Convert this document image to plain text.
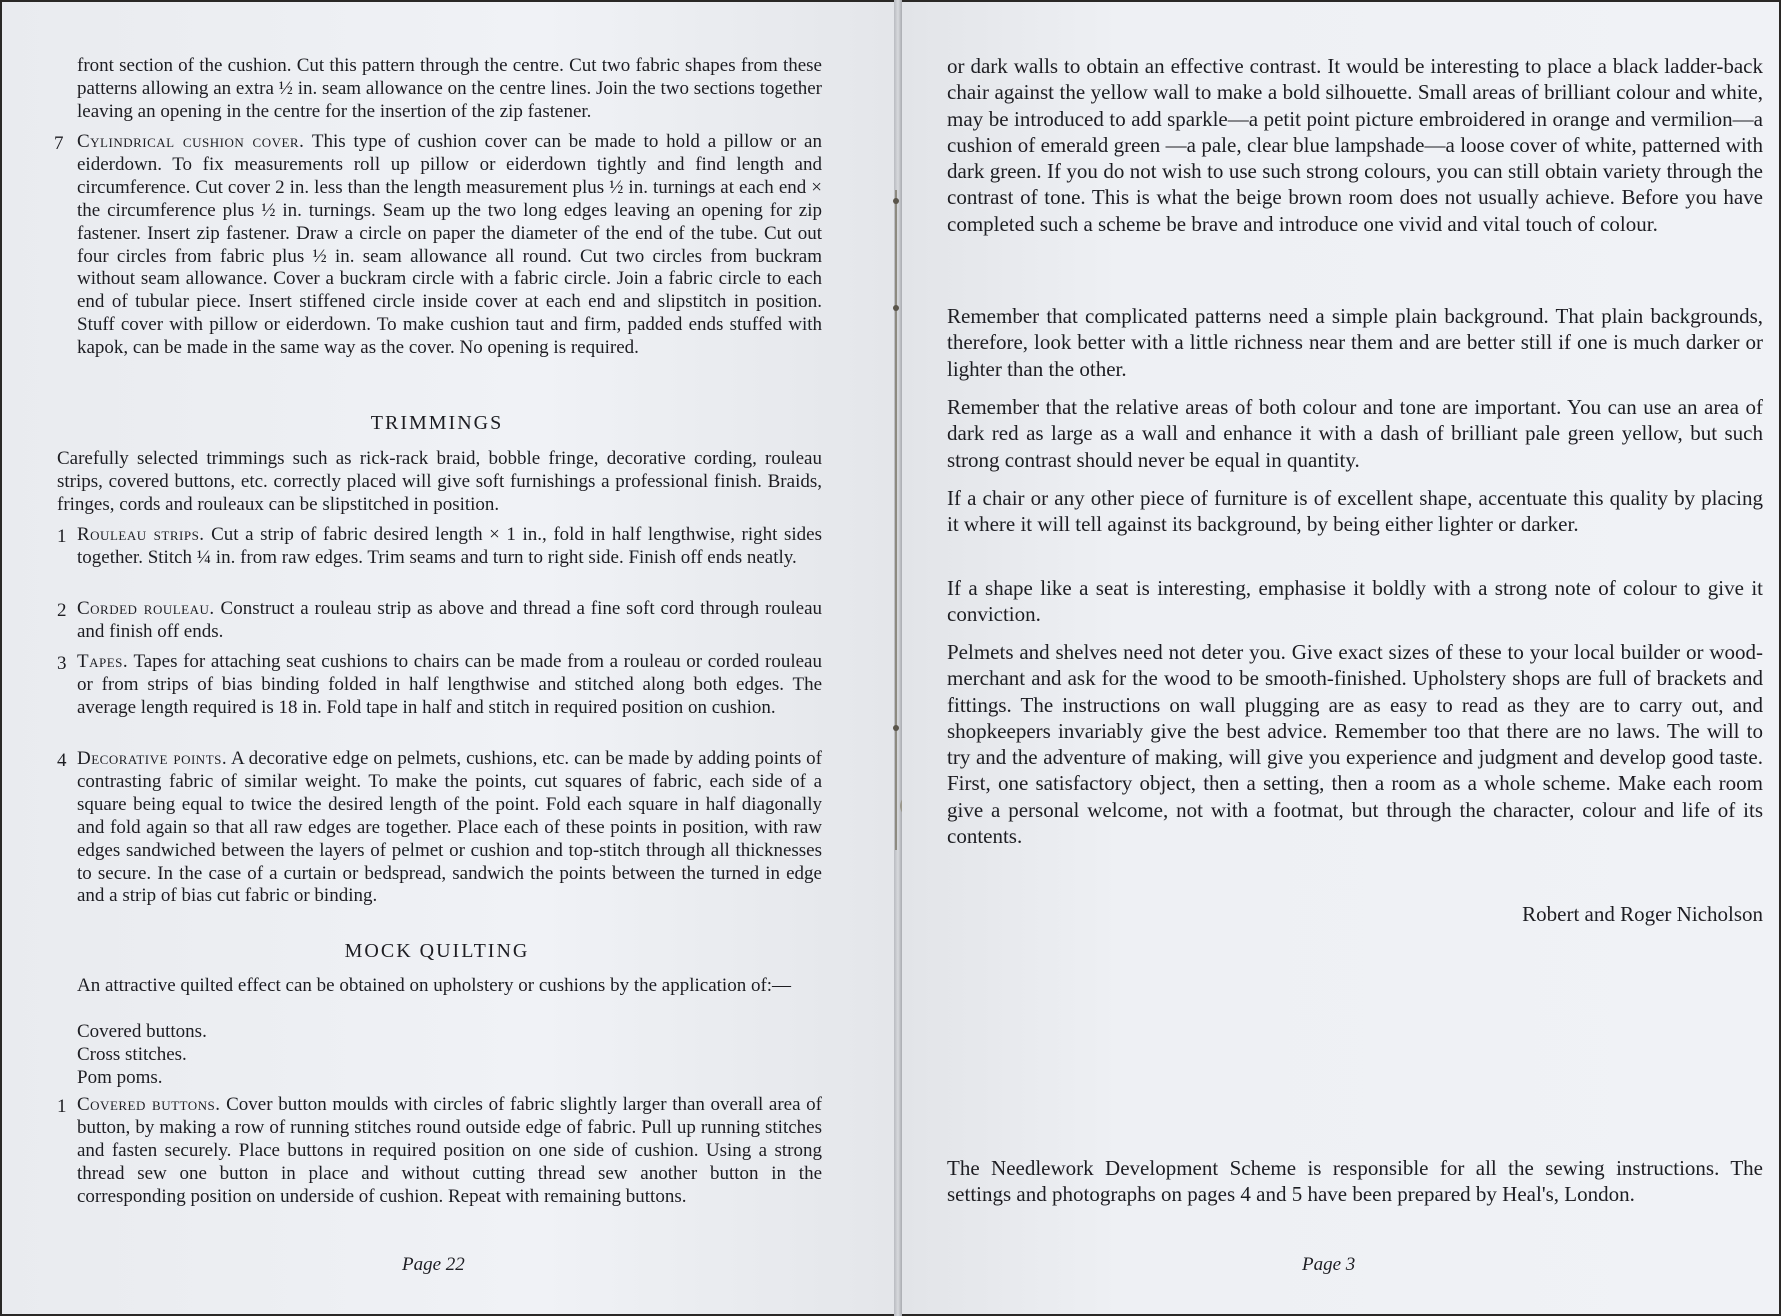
front section of the cushion. Cut this pattern through the centre. Cut two fabric shapes from these patterns allowing an extra ½ in. seam allowance on the centre lines. Join the two sections together leaving an opening in the centre for the insertion of the zip fastener.
7 Cylindrical cushion cover. This type of cushion cover can be made to hold a pillow or an eiderdown. To fix measurements roll up pillow or eiderdown tightly and find length and circumference. Cut cover 2 in. less than the length measurement plus ½ in. turnings at each end × the circumference plus ½ in. turnings. Seam up the two long edges leaving an opening for zip fastener. Insert zip fastener. Draw a circle on paper the diameter of the end of the tube. Cut out four circles from fabric plus ½ in. seam allowance all round. Cut two circles from buckram without seam allowance. Cover a buckram circle with a fabric circle. Join a fabric circle to each end of tubular piece. Insert stiffened circle inside cover at each end and slipstitch in position. Stuff cover with pillow or eiderdown. To make cushion taut and firm, padded ends stuffed with kapok, can be made in the same way as the cover. No opening is required.
TRIMMINGS
Carefully selected trimmings such as rick-rack braid, bobble fringe, decorative cording, rouleau strips, covered buttons, etc. correctly placed will give soft furnishings a professional finish. Braids, fringes, cords and rouleaux can be slipstitched in position.
1 Rouleau strips. Cut a strip of fabric desired length × 1 in., fold in half lengthwise, right sides together. Stitch ¼ in. from raw edges. Trim seams and turn to right side. Finish off ends neatly.
2 Corded rouleau. Construct a rouleau strip as above and thread a fine soft cord through rouleau and finish off ends.
3 Tapes. Tapes for attaching seat cushions to chairs can be made from a rouleau or corded rouleau or from strips of bias binding folded in half lengthwise and stitched along both edges. The average length required is 18 in. Fold tape in half and stitch in required position on cushion.
4 Decorative points. A decorative edge on pelmets, cushions, etc. can be made by adding points of contrasting fabric of similar weight. To make the points, cut squares of fabric, each side of a square being equal to twice the desired length of the point. Fold each square in half diagonally and fold again so that all raw edges are together. Place each of these points in position, with raw edges sandwiched between the layers of pelmet or cushion and top-stitch through all thicknesses to secure. In the case of a curtain or bedspread, sandwich the points between the turned in edge and a strip of bias cut fabric or binding.
MOCK QUILTING
An attractive quilted effect can be obtained on upholstery or cushions by the application of:—
Covered buttons.
Cross stitches.
Pom poms.
1 Covered buttons. Cover button moulds with circles of fabric slightly larger than overall area of button, by making a row of running stitches round outside edge of fabric. Pull up running stitches and fasten securely. Place buttons in required position on one side of cushion. Using a strong thread sew one button in place and without cutting thread sew another button in the corresponding position on underside of cushion. Repeat with remaining buttons.
Page 22
or dark walls to obtain an effective contrast. It would be interesting to place a black ladder-back chair against the yellow wall to make a bold silhouette. Small areas of brilliant colour and white, may be introduced to add sparkle—a petit point picture embroidered in orange and vermilion—a cushion of emerald green —a pale, clear blue lampshade—a loose cover of white, patterned with dark green. If you do not wish to use such strong colours, you can still obtain variety through the contrast of tone. This is what the beige brown room does not usually achieve. Before you have completed such a scheme be brave and introduce one vivid and vital touch of colour.
Remember that complicated patterns need a simple plain background. That plain backgrounds, therefore, look better with a little richness near them and are better still if one is much darker or lighter than the other.
Remember that the relative areas of both colour and tone are important. You can use an area of dark red as large as a wall and enhance it with a dash of brilliant pale green yellow, but such strong contrast should never be equal in quantity.
If a chair or any other piece of furniture is of excellent shape, accentuate this quality by placing it where it will tell against its background, by being either lighter or darker.
If a shape like a seat is interesting, emphasise it boldly with a strong note of colour to give it conviction.
Pelmets and shelves need not deter you. Give exact sizes of these to your local builder or wood-merchant and ask for the wood to be smooth-finished. Upholstery shops are full of brackets and fittings. The instructions on wall plugging are as easy to read as they are to carry out, and shopkeepers invariably give the best advice. Remember too that there are no laws. The will to try and the adventure of making, will give you experience and judgment and develop good taste. First, one satisfactory object, then a setting, then a room as a whole scheme. Make each room give a personal welcome, not with a footmat, but through the character, colour and life of its contents.
Robert and Roger Nicholson
The Needlework Development Scheme is responsible for all the sewing instructions. The settings and photographs on pages 4 and 5 have been prepared by Heal's, London.
Page 3
